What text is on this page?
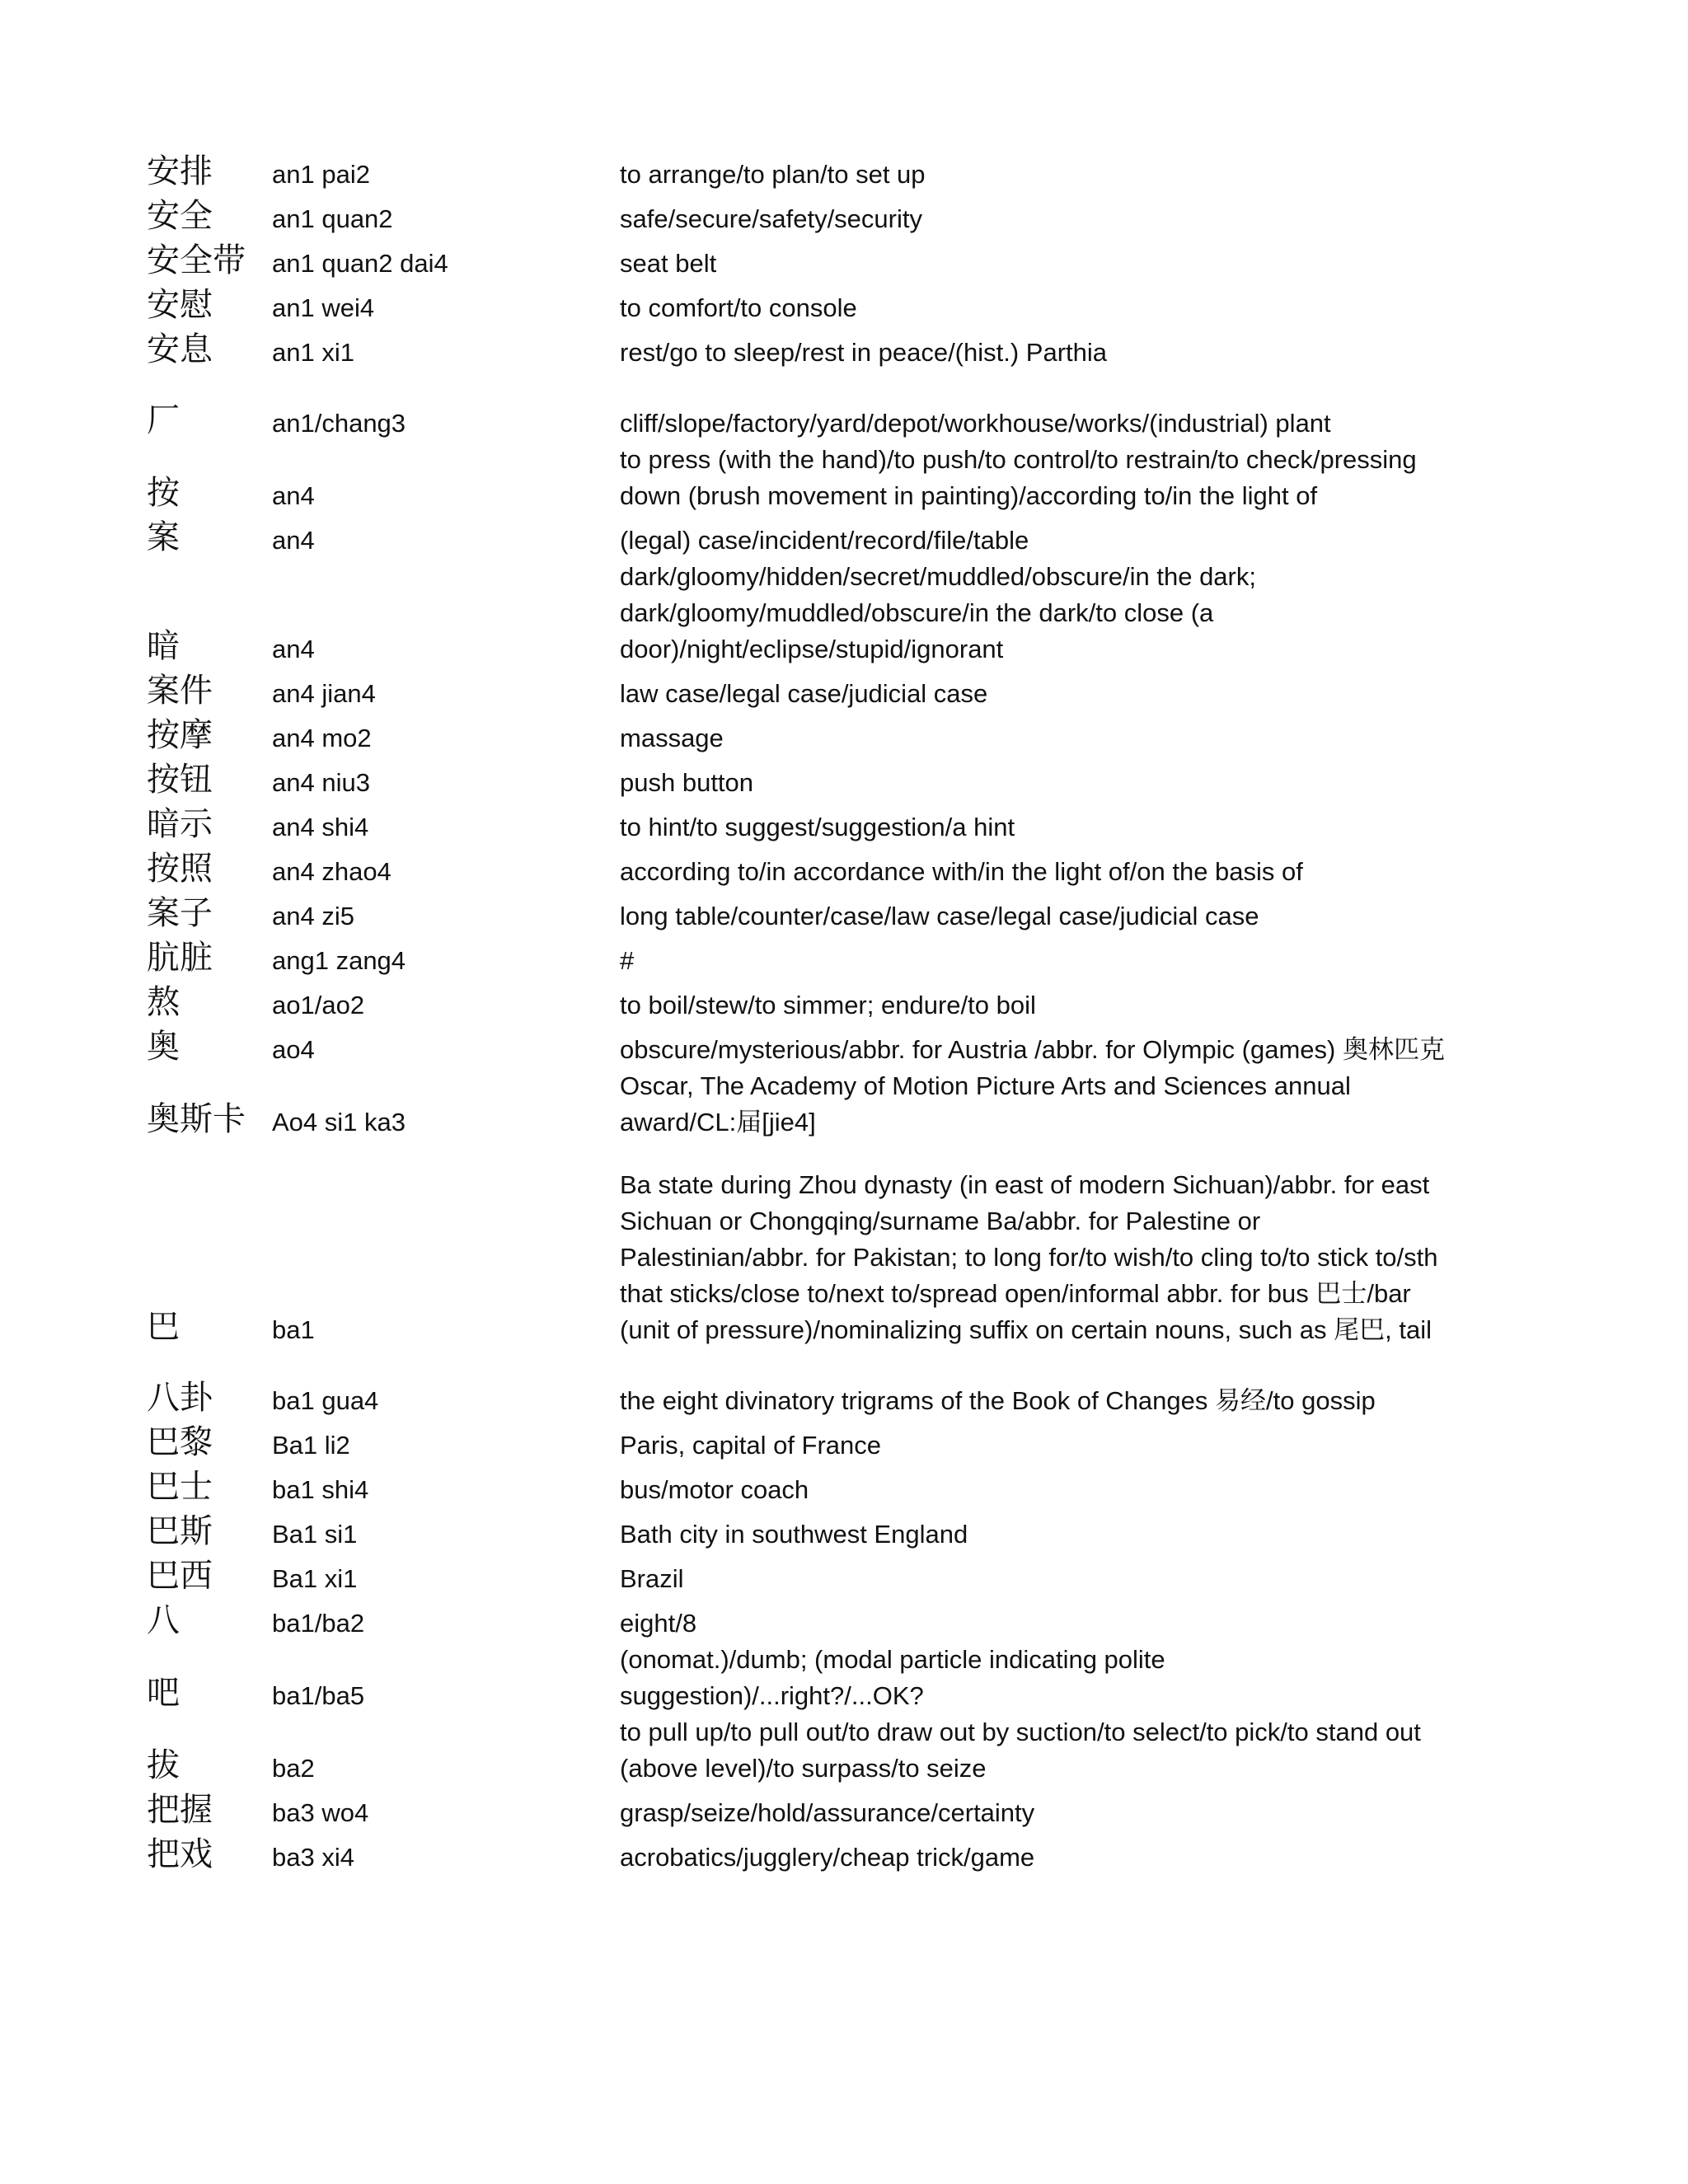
安排	an1 pai2	to arrange/to plan/to set up
安全	an1 quan2	safe/secure/safety/security
安全带	an1 quan2 dai4	seat belt
安慰	an1 wei4	to comfort/to console
安息	an1 xi1	rest/go to sleep/rest in peace/(hist.) Parthia
厂	an1/chang3	cliff/slope/factory/yard/depot/workhouse/works/(industrial) plant
按	an4	to press (with the hand)/to push/to control/to restrain/to check/pressing down (brush movement in painting)/according to/in the light of
案	an4	(legal) case/incident/record/file/table
暗	an4	dark/gloomy/hidden/secret/muddled/obscure/in the dark; dark/gloomy/muddled/obscure/in the dark/to close (a door)/night/eclipse/stupid/ignorant
案件	an4 jian4	law case/legal case/judicial case
按摩	an4 mo2	massage
按钮	an4 niu3	push button
暗示	an4 shi4	to hint/to suggest/suggestion/a hint
按照	an4 zhao4	according to/in accordance with/in the light of/on the basis of
案子	an4 zi5	long table/counter/case/law case/legal case/judicial case
肮脏	ang1 zang4	#
熬	ao1/ao2	to boil/stew/to simmer; endure/to boil
奥	ao4	obscure/mysterious/abbr. for Austria /abbr. for Olympic (games) 奥林匹克
奥斯卡	Ao4 si1 ka3	Oscar, The Academy of Motion Picture Arts and Sciences annual award/CL:届[jie4]
巴	ba1	Ba state during Zhou dynasty (in east of modern Sichuan)/abbr. for east Sichuan or Chongqing/surname Ba/abbr. for Palestine or Palestinian/abbr. for Pakistan; to long for/to wish/to cling to/to stick to/sth that sticks/close to/next to/spread open/informal abbr. for bus 巴士/bar (unit of pressure)/nominalizing suffix on certain nouns, such as 尾巴, tail
八卦	ba1 gua4	the eight divinatory trigrams of the Book of Changes 易经/to gossip
巴黎	Ba1 li2	Paris, capital of France
巴士	ba1 shi4	bus/motor coach
巴斯	Ba1 si1	Bath city in southwest England
巴西	Ba1 xi1	Brazil
八	ba1/ba2	eight/8
吧	ba1/ba5	(onomat.)/dumb; (modal particle indicating polite suggestion)/...right?/...OK?
拔	ba2	to pull up/to pull out/to draw out by suction/to select/to pick/to stand out (above level)/to surpass/to seize
把握	ba3 wo4	grasp/seize/hold/assurance/certainty
把戏	ba3 xi4	acrobatics/jugglery/cheap trick/game
